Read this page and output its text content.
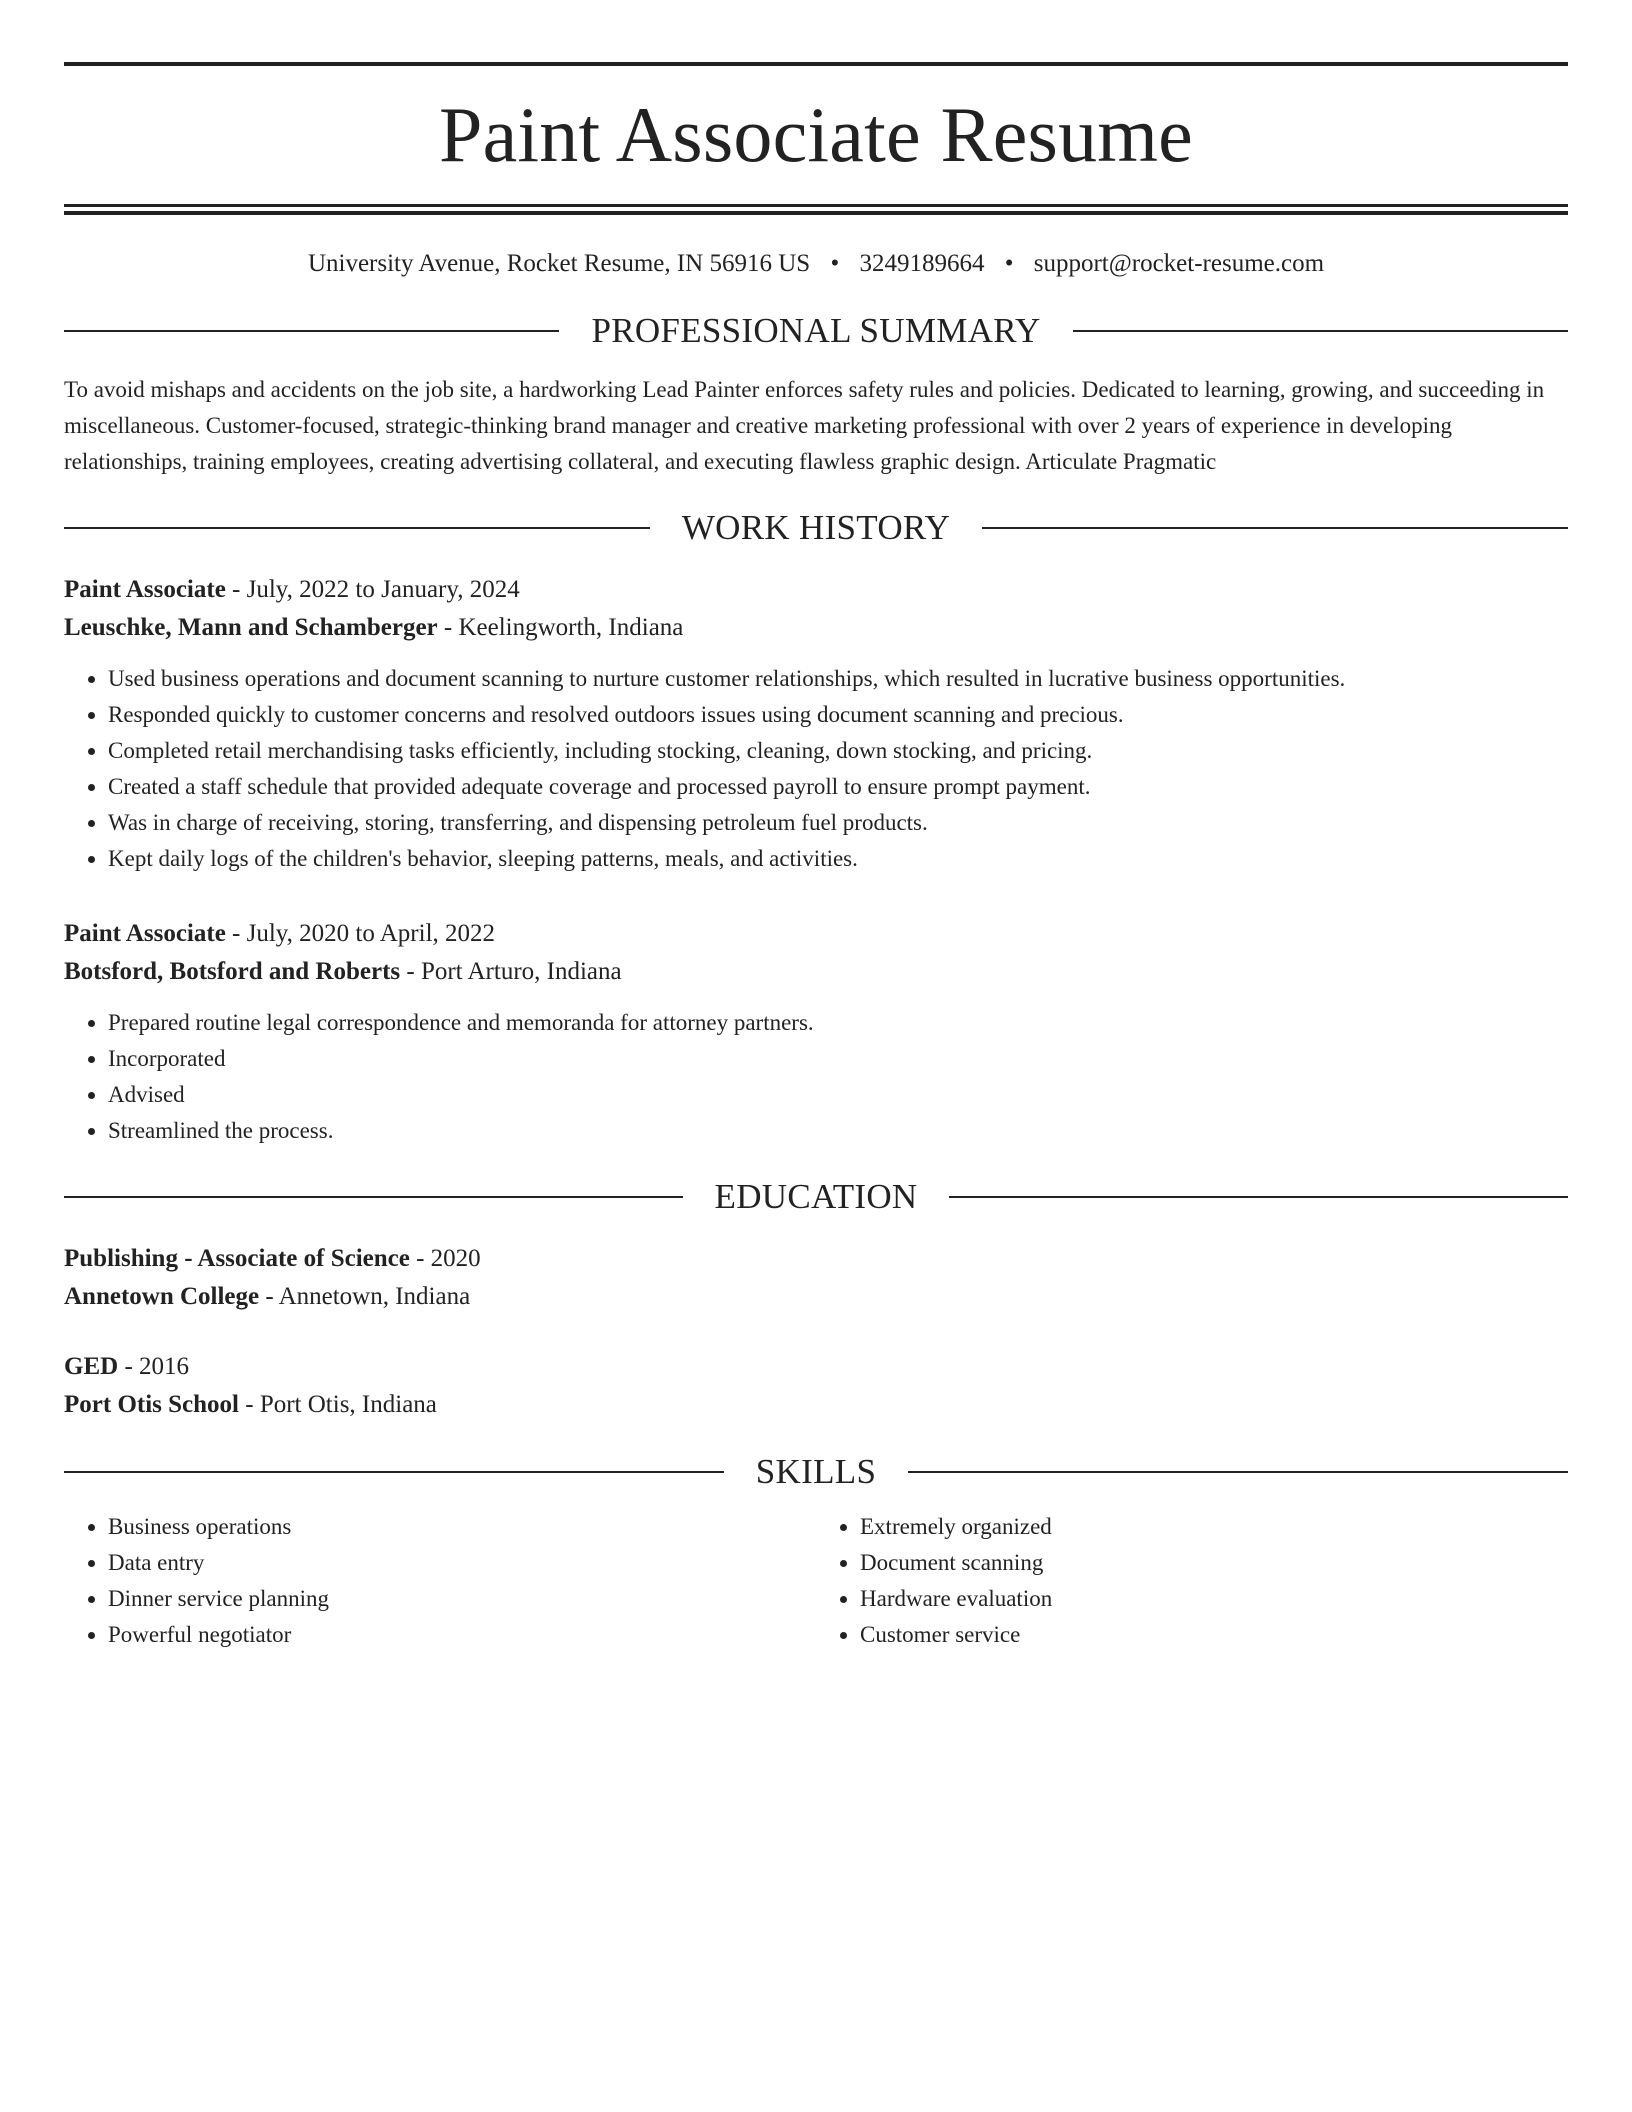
Paint Associate Resume
University Avenue, Rocket Resume, IN 56916 US • 3249189664 • support@rocket-resume.com
PROFESSIONAL SUMMARY
To avoid mishaps and accidents on the job site, a hardworking Lead Painter enforces safety rules and policies. Dedicated to learning, growing, and succeeding in miscellaneous. Customer-focused, strategic-thinking brand manager and creative marketing professional with over 2 years of experience in developing relationships, training employees, creating advertising collateral, and executing flawless graphic design. Articulate Pragmatic
WORK HISTORY
Paint Associate - July, 2022 to January, 2024
Leuschke, Mann and Schamberger - Keelingworth, Indiana
• Used business operations and document scanning to nurture customer relationships, which resulted in lucrative business opportunities.
• Responded quickly to customer concerns and resolved outdoors issues using document scanning and precious.
• Completed retail merchandising tasks efficiently, including stocking, cleaning, down stocking, and pricing.
• Created a staff schedule that provided adequate coverage and processed payroll to ensure prompt payment.
• Was in charge of receiving, storing, transferring, and dispensing petroleum fuel products.
• Kept daily logs of the children's behavior, sleeping patterns, meals, and activities.
Paint Associate - July, 2020 to April, 2022
Botsford, Botsford and Roberts - Port Arturo, Indiana
• Prepared routine legal correspondence and memoranda for attorney partners.
• Incorporated
• Advised
• Streamlined the process.
EDUCATION
Publishing - Associate of Science - 2020
Annetown College - Annetown, Indiana
GED - 2016
Port Otis School - Port Otis, Indiana
SKILLS
• Business operations
• Data entry
• Dinner service planning
• Powerful negotiator
• Extremely organized
• Document scanning
• Hardware evaluation
• Customer service
